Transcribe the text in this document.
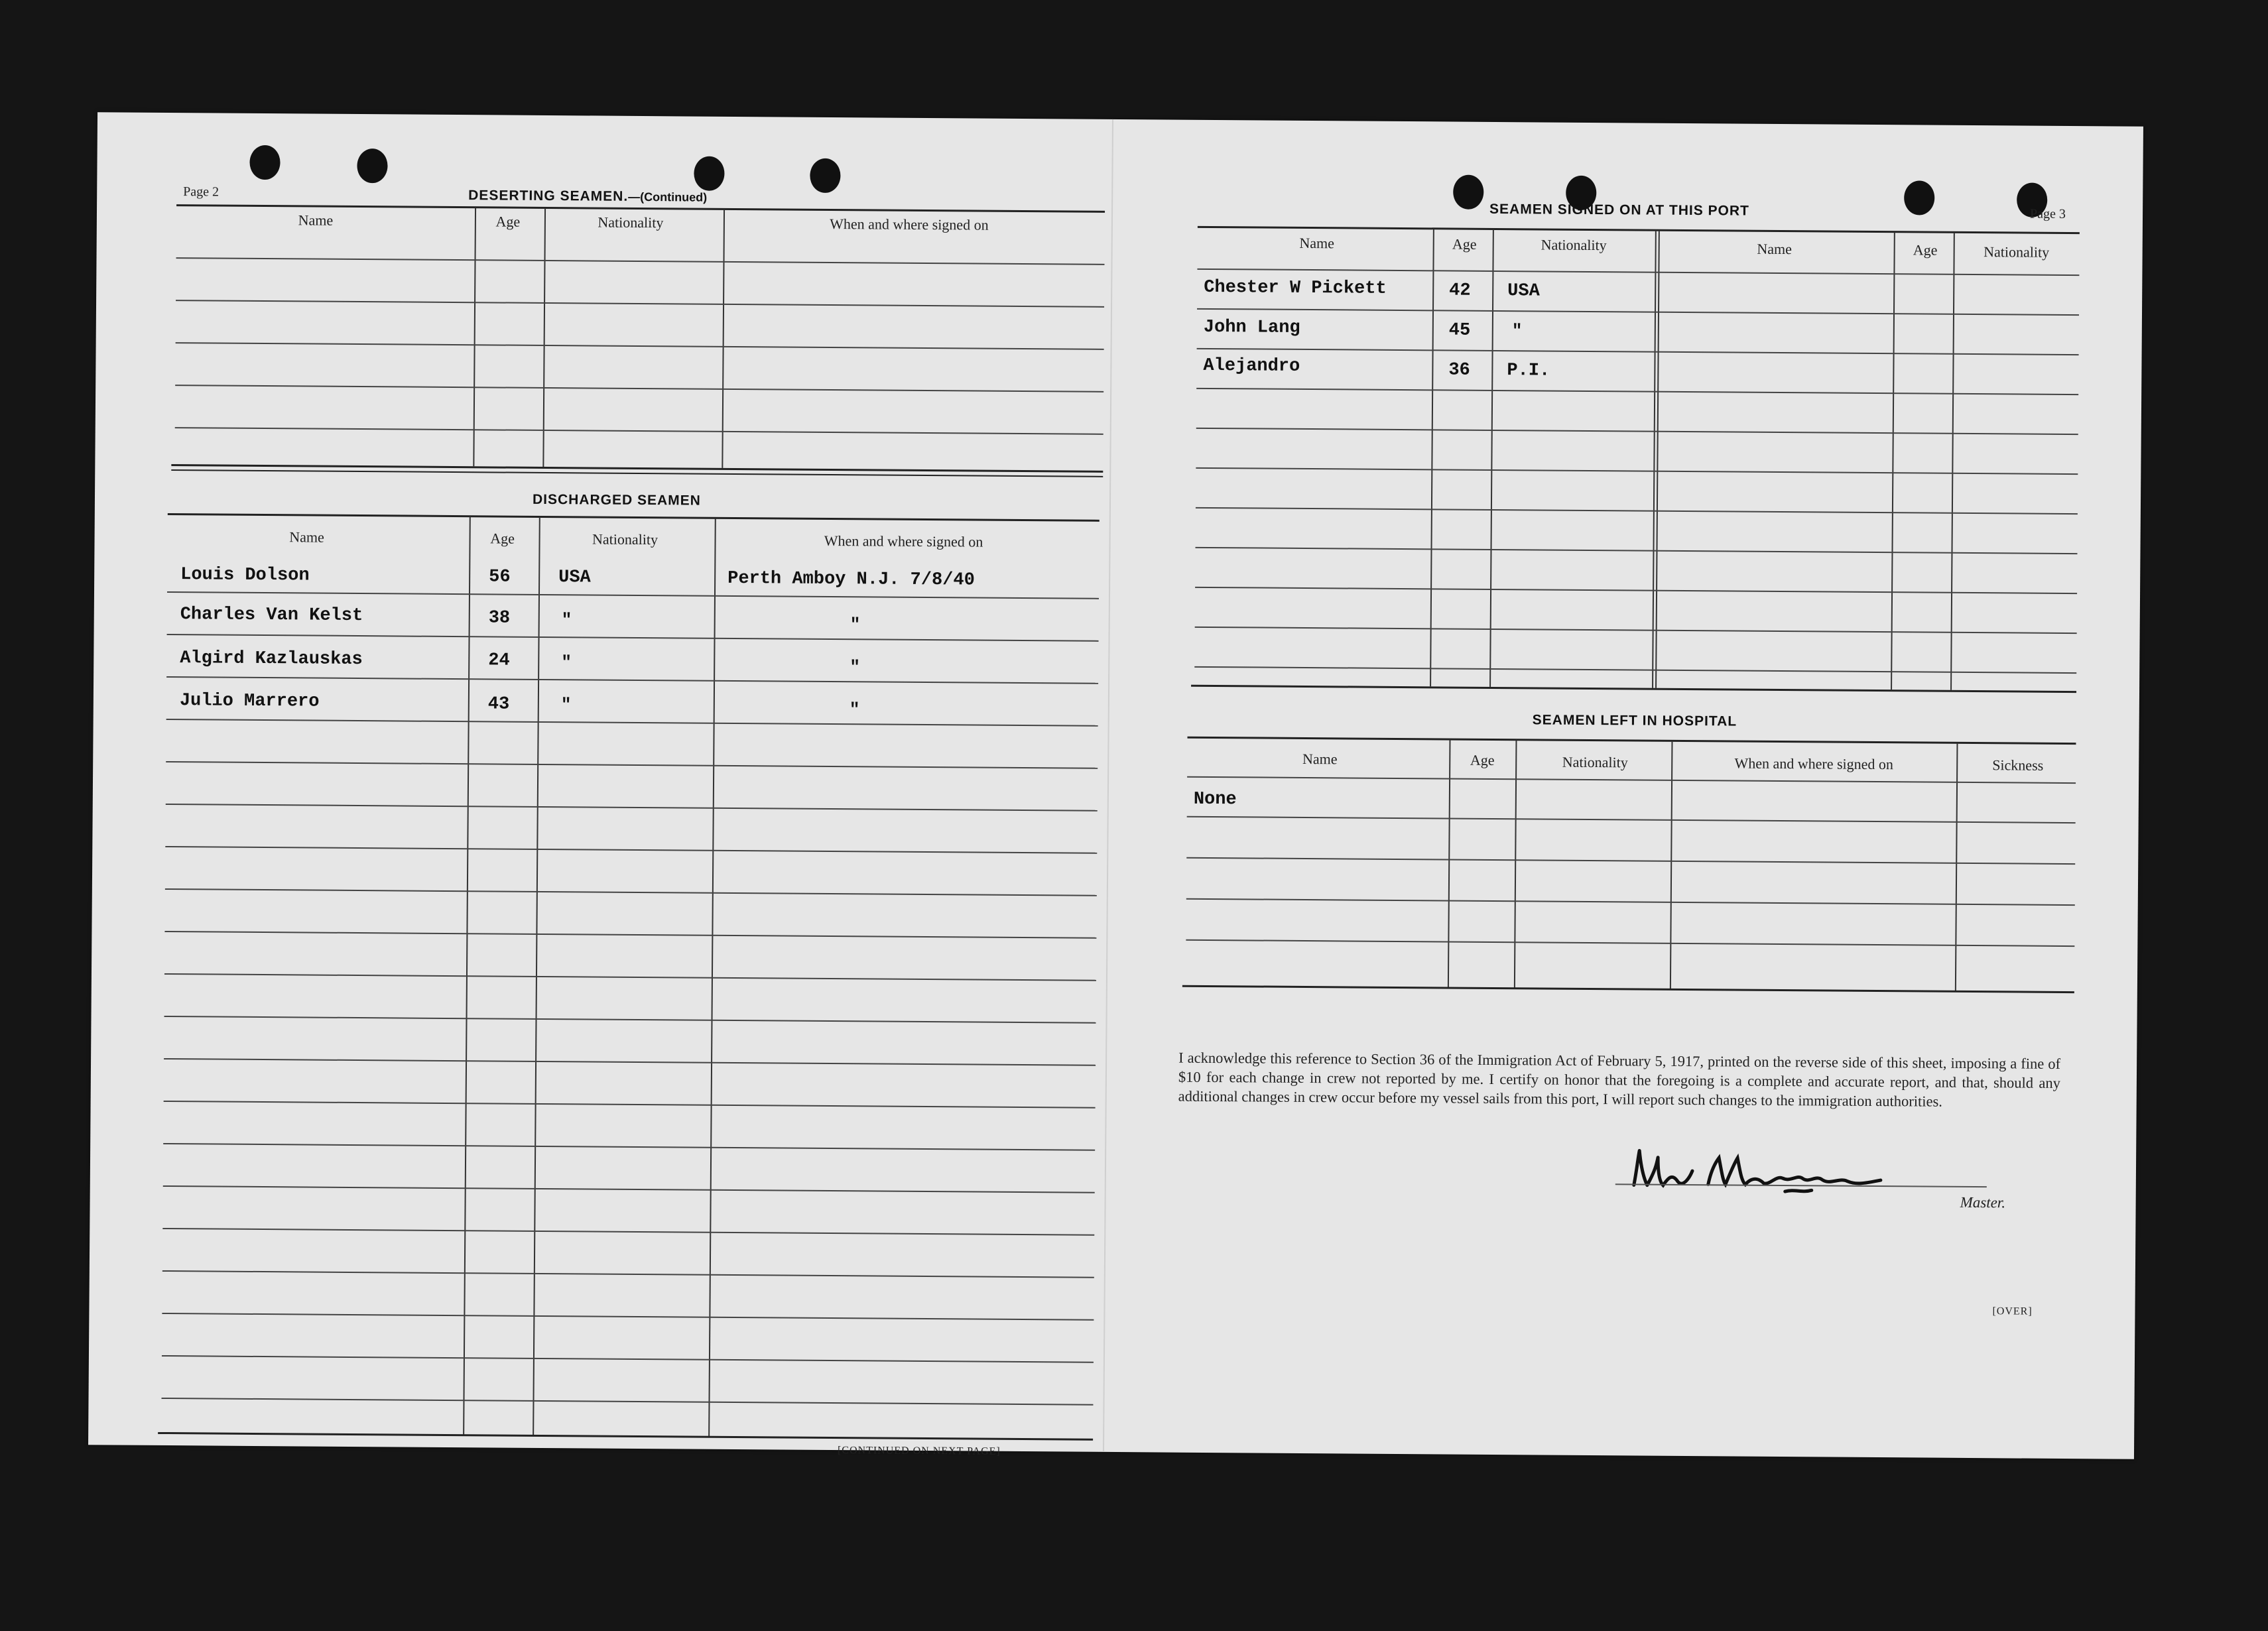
Page 2	DESERTING SEAMEN.—(Continued)
Name	Age	Nationality	When and where signed on
DISCHARGED SEAMEN
Name	Age	Nationality	When and where signed on
Louis Dolson	56	USA	Perth Amboy N.J. 7/8/40
Charles Van Kelst	38	"	"
Algird Kazlauskas	24	"	"
Julio Marrero	43	"	"
[CONTINUED ON NEXT PAGE]
SEAMEN SIGNED ON AT THIS PORT	Page 3
Name	Age	Nationality	Name	Age	Nationality
Chester W Pickett	42 USA
John Lang	45 "
Alejandro	36 P.I.
SEAMEN LEFT IN HOSPITAL
Name	Age	Nationality	When and where signed on	Sickness
None
I acknowledge this reference to Section 36 of the Immigration Act of February 5, 1917, printed on the reverse side of this sheet, imposing a fine of $10 for each change in crew not reported by me. I certify on honor that the foregoing is a complete and accurate report, and that, should any additional changes in crew occur before my vessel sails from this port, I will report such changes to the immigration authorities.
Master.
[OVER]
